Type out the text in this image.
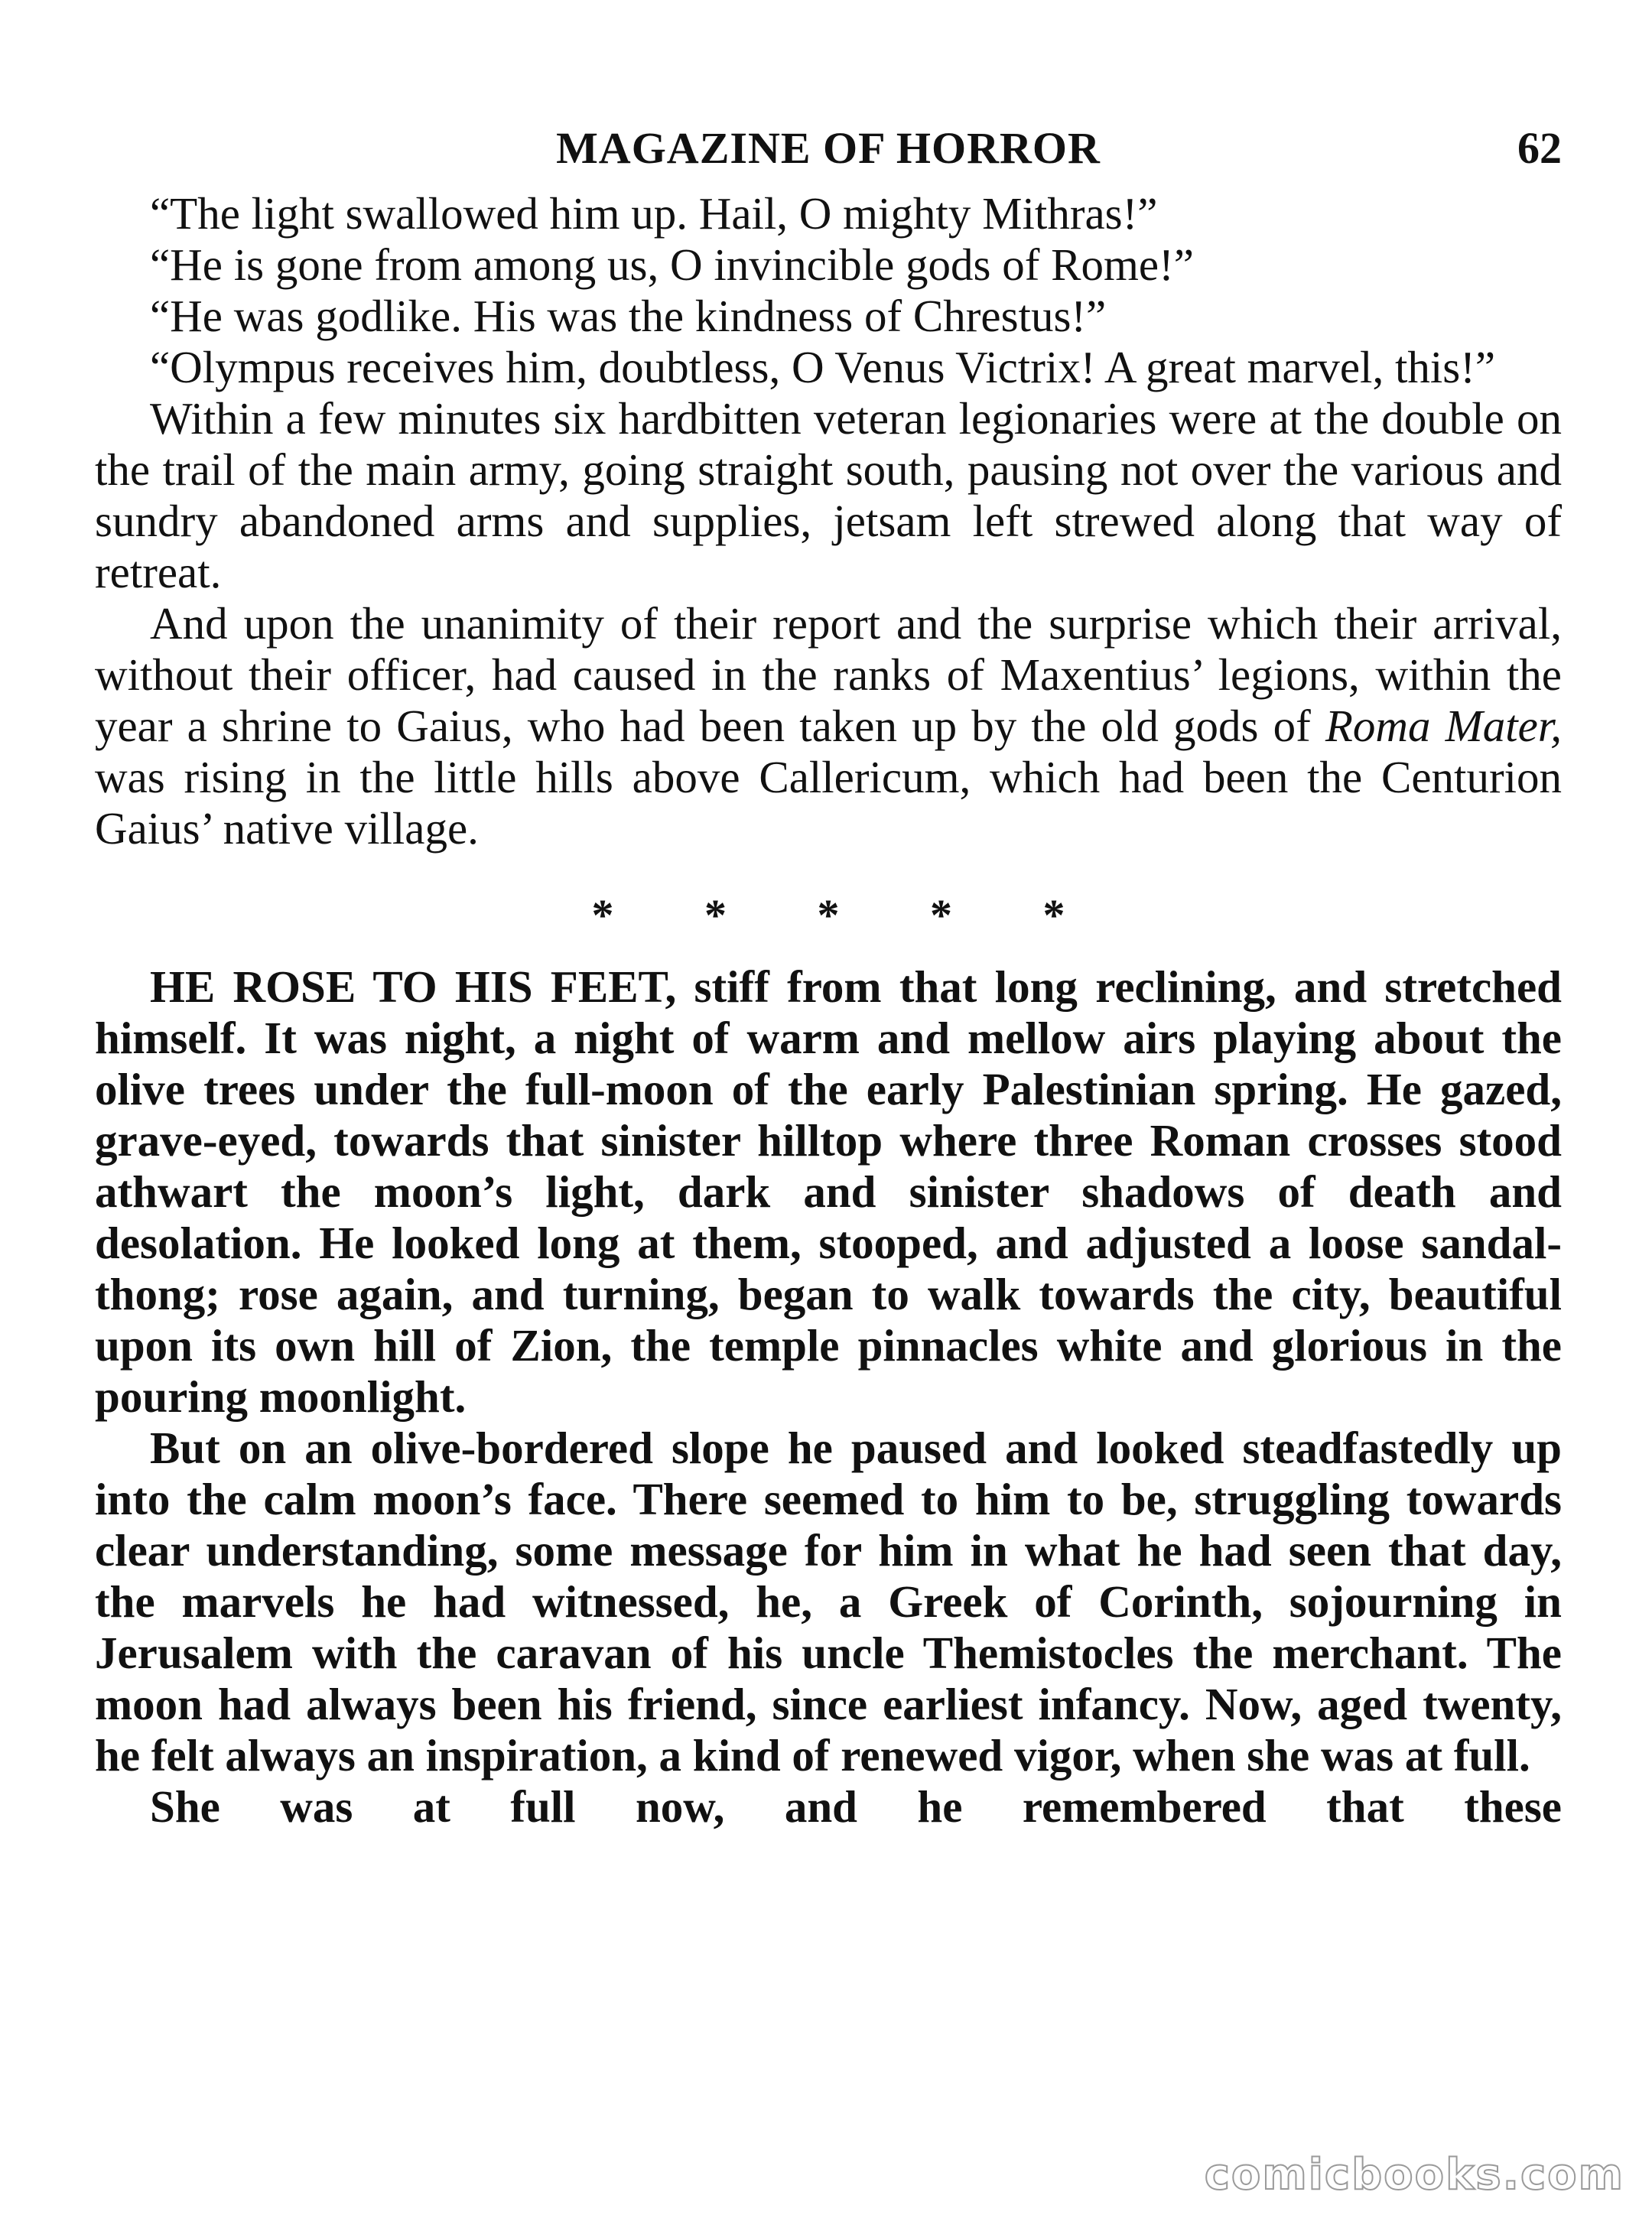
MAGAZINE OF HORROR	62

“The light swallowed him up. Hail, O mighty Mithras!”

“He is gone from among us, O invincible gods of Rome!”

“He was godlike. His was the kindness of Chrestus!”

“Olympus receives him, doubtless, O Venus Victrix! A great marvel, this!”

Within a few minutes six hardbitten veteran legionaries were at the double on the trail of the main army, going straight south, pausing not over the various and sundry abandoned arms and supplies, jetsam left strewed along that way of retreat.

And upon the unanimity of their report and the surprise which their arrival, without their officer, had caused in the ranks of Maxentius’ legions, within the year a shrine to Gaius, who had been taken up by the old gods of Roma Mater, was rising in the little hills above Callericum, which had been the Centurion Gaius’ native village.

* * * * *

HE ROSE TO HIS FEET, stiff from that long reclining, and stretched himself. It was night, a night of warm and mellow airs playing about the olive trees under the full-moon of the early Palestinian spring. He gazed, grave-eyed, towards that sinister hilltop where three Roman crosses stood athwart the moon’s light, dark and sinister shadows of death and desolation. He looked long at them, stooped, and adjusted a loose sandal-thong; rose again, and turning, began to walk towards the city, beautiful upon its own hill of Zion, the temple pinnacles white and glorious in the pouring moonlight.

But on an olive-bordered slope he paused and looked steadfastedly up into the calm moon’s face. There seemed to him to be, struggling towards clear understanding, some message for him in what he had seen that day, the marvels he had witnessed, he, a Greek of Corinth, sojourning in Jerusalem with the caravan of his uncle Themistocles the merchant. The moon had always been his friend, since earliest infancy. Now, aged twenty, he felt always an inspiration, a kind of renewed vigor, when she was at full.

She was at full now, and he remembered that these

comicbooks.com
